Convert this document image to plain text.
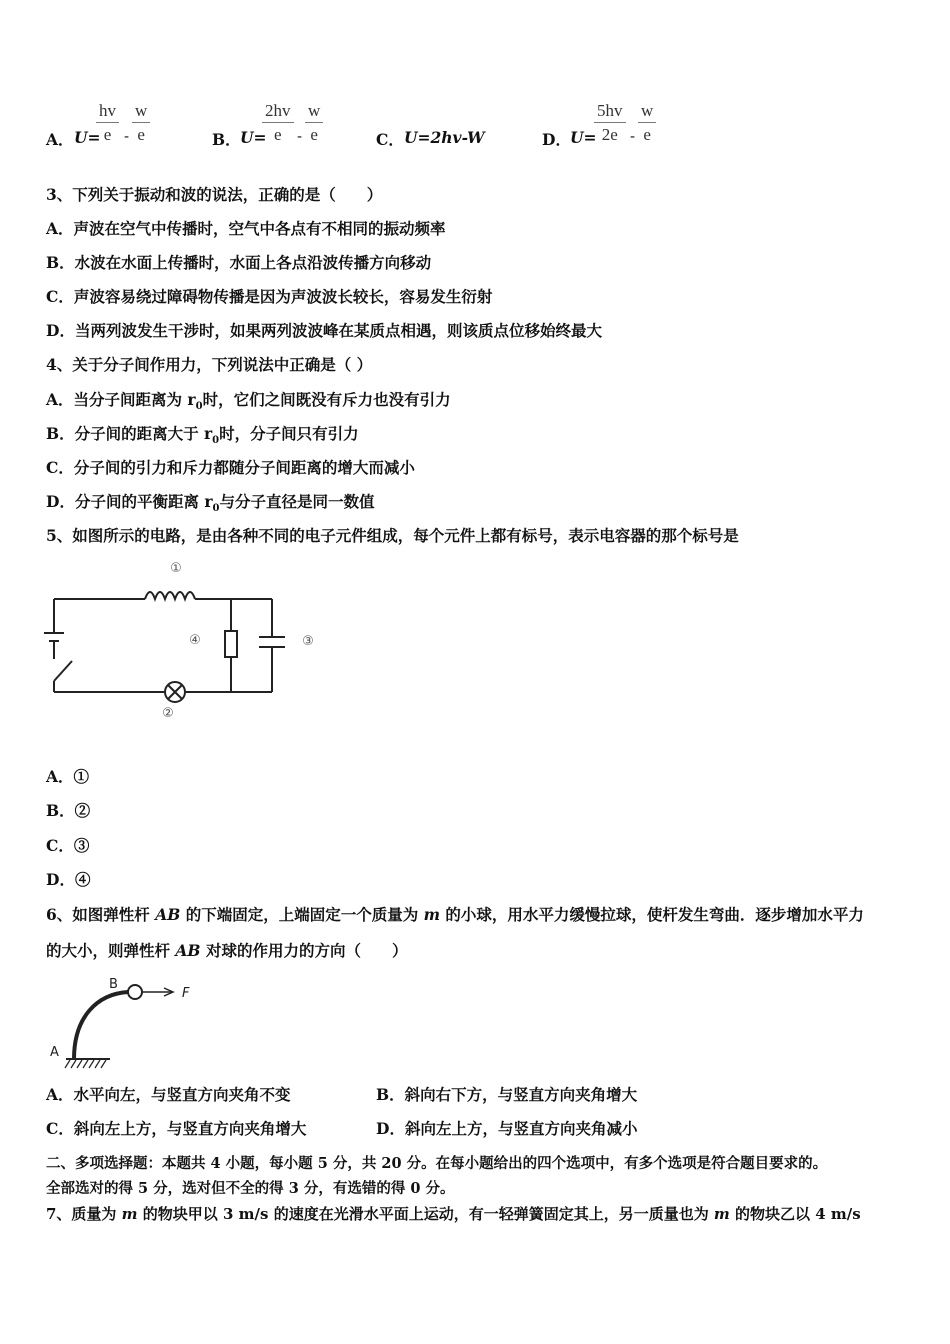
A． U=
$\frac{hv}{e} - \frac{w}{e}$	B． U=
$\frac{2hv}{e} - \frac{w}{e}$	C． U=2hv-W	D． U=
$\frac{5hv}{2e} - \frac{w}{e}$
3、下列关于振动和波的说法，正确的是（　　）
A．声波在空气中传播时，空气中各点有不相同的振动频率
B．水波在水面上传播时，水面上各点沿波传播方向移动
C．声波容易绕过障碍物传播是因为声波波长较长，容易发生衍射
D．当两列波发生干涉时，如果两列波波峰在某质点相遇，则该质点位移始终最大
4、关于分子间作用力，下列说法中正确是（ ）
A．当分子间距离为 $r_0$时，它们之间既没有斥力也没有引力
B．分子间的距离大于 $r_0$时，分子间只有引力
C．分子间的引力和斥力都随分子间距离的增大而减小
D．分子间的平衡距离 $r_0$与分子直径是同一数值
5、如图所示的电路，是由各种不同的电子元件组成，每个元件上都有标号，表示电容器的那个标号是
①
④	③
②
A．①
B．②
C．③
D．④
6、如图弹性杆 AB 的下端固定，上端固定一个质量为 m 的小球，用水平力缓慢拉球，使杆发生弯曲．逐步增加水平力
的大小，则弹性杆 AB 对球的作用力的方向（　　）
B
A
F
A．水平向左，与竖直方向夹角不变	B．斜向右下方，与竖直方向夹角增大
C．斜向左上方，与竖直方向夹角增大	D．斜向左上方，与竖直方向夹角减小
二、多项选择题：本题共 4 小题，每小题 5 分，共 20 分。在每小题给出的四个选项中，有多个选项是符合题目要求的。
全部选对的得 5 分，选对但不全的得 3 分，有选错的得 0 分。
7、质量为 m 的物块甲以 3 m/s 的速度在光滑水平面上运动，有一轻弹簧固定其上，另一质量也为 m 的物块乙以 4 m/s
